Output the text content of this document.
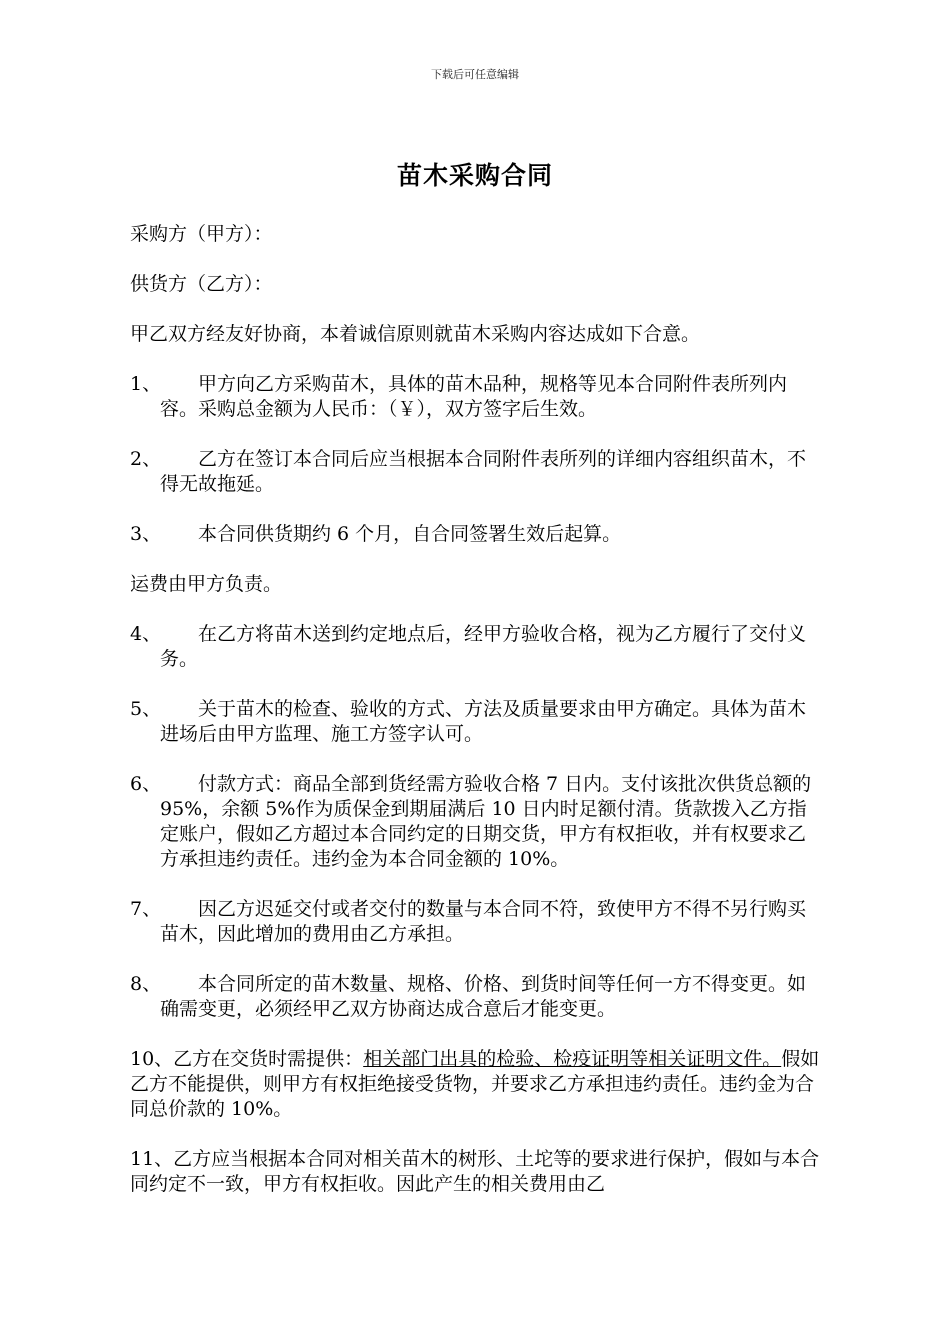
下载后可任意编辑
苗木采购合同

采购方（甲方）：

供货方（乙方）：

甲乙双方经友好协商，本着诚信原则就苗木采购内容达成如下合意。

1、	甲方向乙方采购苗木，具体的苗木品种，规格等见本合同附件表所列内容。采购总金额为人民币：（￥），双方签字后生效。
2、	乙方在签订本合同后应当根据本合同附件表所列的详细内容组织苗木，不得无故拖延。
3、	本合同供货期约 6 个月，自合同签署生效后起算。

运费由甲方负责。

4、	在乙方将苗木送到约定地点后，经甲方验收合格，视为乙方履行了交付义务。
5、	关于苗木的检查、验收的方式、方法及质量要求由甲方确定。具体为苗木进场后由甲方监理、施工方签字认可。
6、	付款方式：商品全部到货经需方验收合格 7 日内。支付该批次供货总额的 95%，余额 5%作为质保金到期届满后 10 日内时足额付清。货款拨入乙方指定账户，假如乙方超过本合同约定的日期交货，甲方有权拒收，并有权要求乙方承担违约责任。违约金为本合同金额的 10%。
7、	因乙方迟延交付或者交付的数量与本合同不符，致使甲方不得不另行购买苗木，因此增加的费用由乙方承担。
8、	本合同所定的苗木数量、规格、价格、到货时间等任何一方不得变更。如确需变更，必须经甲乙双方协商达成合意后才能变更。

10、乙方在交货时需提供：相关部门出具的检验、检疫证明等相关证明文件。假如乙方不能提供，则甲方有权拒绝接受货物，并要求乙方承担违约责任。违约金为合同总价款的 10%。

11、乙方应当根据本合同对相关苗木的树形、土坨等的要求进行保护，假如与本合同约定不一致，甲方有权拒收。因此产生的相关费用由乙
